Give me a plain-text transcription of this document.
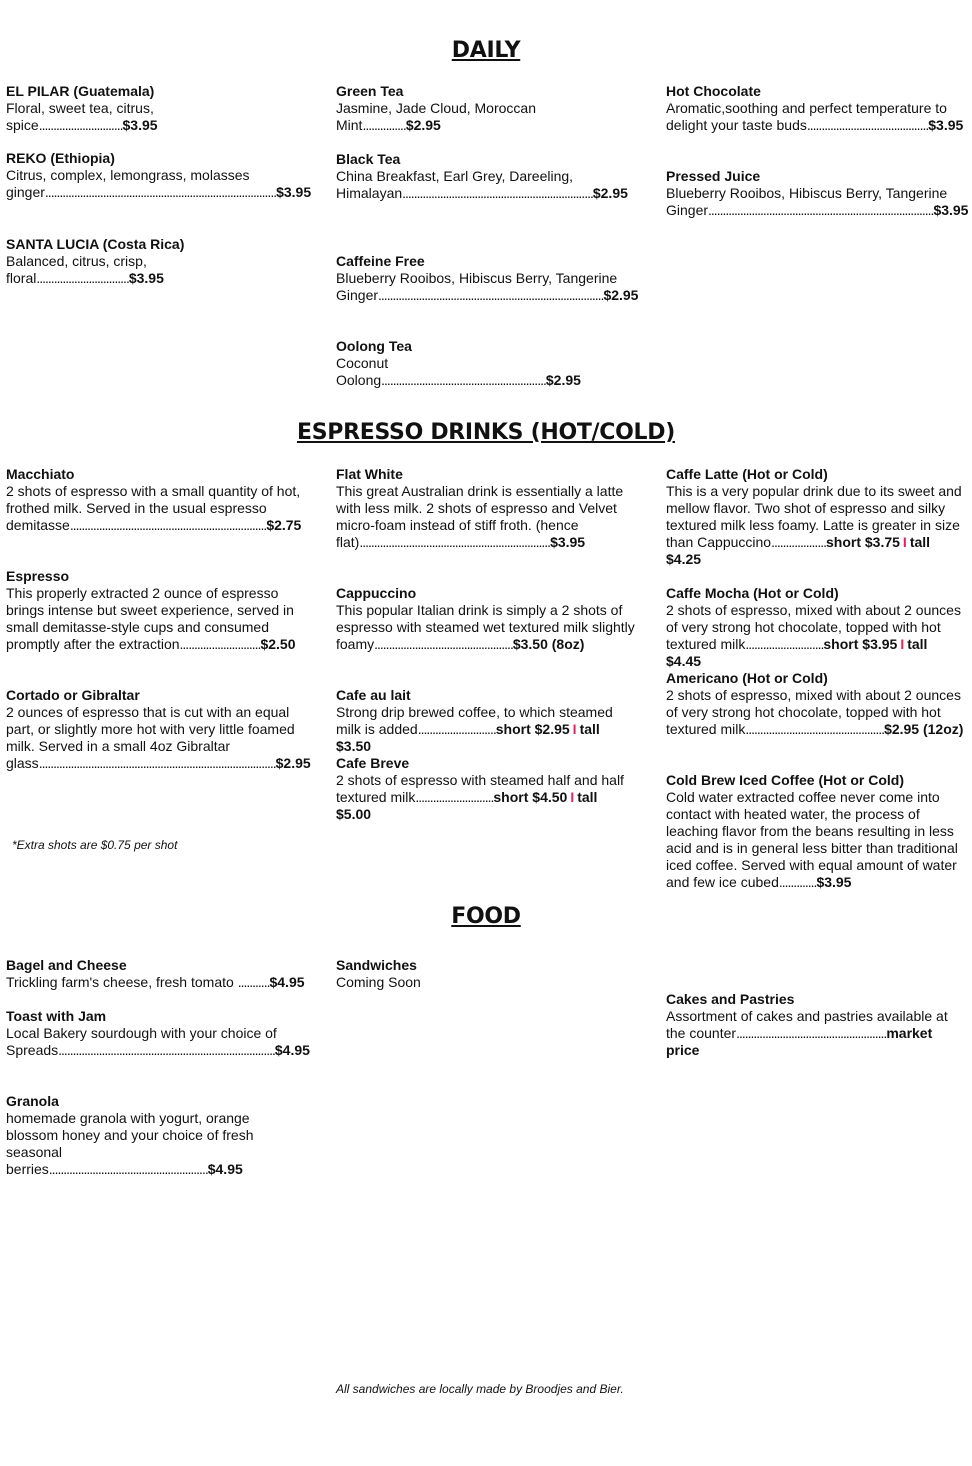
DAILY
EL PILAR (Guatemala)
Floral, sweet tea, citrus, spice.............................$3.95
REKO (Ethiopia)
Citrus, complex, lemongrass, molasses ginger................................................................................$3.95
SANTA LUCIA (Costa Rica)
Balanced, citrus, crisp, floral................................$3.95
Green Tea
Jasmine, Jade Cloud, Moroccan Mint...............$2.95
Black Tea
China Breakfast, Earl Grey, Dareeling, Himalayan..................................................................$2.95
Caffeine Free
Blueberry Rooibos, Hibiscus Berry, Tangerine Ginger..............................................................................$2.95
Oolong Tea
Coconut Oolong.........................................................$2.95
Hot Chocolate
Aromatic,soothing and perfect temperature to delight your taste buds..........................................$3.95
Pressed Juice
Blueberry Rooibos, Hibiscus Berry, Tangerine Ginger..............................................................................$3.95
ESPRESSO DRINKS (HOT/COLD)
Macchiato
2 shots of espresso with a small quantity of hot, frothed milk. Served in the usual espresso demitasse....................................................................$2.75
Espresso
This properly extracted 2 ounce of espresso brings intense but sweet experience, served in small demitasse-style cups and consumed promptly after the extraction............................$2.50
Cortado or Gibraltar
2 ounces of espresso that is cut with an equal part, or slightly more hot with very little foamed milk. Served in a small 4oz Gibraltar glass..................................................................................$2.95
*Extra shots are $0.75 per shot
Flat White
This great Australian drink is essentially a latte with less milk. 2 shots of espresso and Velvet micro-foam instead of stiff froth. (hence flat)..................................................................$3.95
Cappuccino
This popular Italian drink is simply a 2 shots of espresso with steamed wet textured milk slightly foamy................................................$3.50 (8oz)
Cafe au lait
Strong drip brewed coffee, to which steamed milk is added...........................short $2.95 I tall $3.50
Cafe Breve
2 shots of espresso with steamed half and half textured milk...........................short $4.50 I tall $5.00
Caffe Latte (Hot or Cold)
This is a very popular drink due to its sweet and mellow flavor. Two shot of espresso and silky textured milk less foamy. Latte is greater in size than Cappuccino...................short $3.75 I tall $4.25
Caffe Mocha (Hot or Cold)
2 shots of espresso, mixed with about 2 ounces of very strong hot chocolate, topped with hot textured milk...........................short $3.95 I tall $4.45
Americano (Hot or Cold)
2 shots of espresso, mixed with about 2 ounces of very strong hot chocolate, topped with hot textured milk................................................$2.95 (12oz)
Cold Brew Iced Coffee (Hot or Cold)
Cold water extracted coffee never come into contact with heated water, the process of leaching flavor from the beans resulting in less acid and is in general less bitter than traditional iced coffee. Served with equal amount of water and few ice cubed.............$3.95
FOOD
Bagel and Cheese
Trickling farm's cheese, fresh tomato ...........$4.95
Toast with Jam
Local Bakery sourdough with your choice of Spreads...........................................................................$4.95
Granola
homemade granola with yogurt, orange blossom honey and your choice of fresh seasonal berries.......................................................$4.95
Sandwiches
Coming Soon
Cakes and Pastries
Assortment of cakes and pastries available at the counter....................................................market price
All sandwiches are locally made by Broodjes and Bier.
